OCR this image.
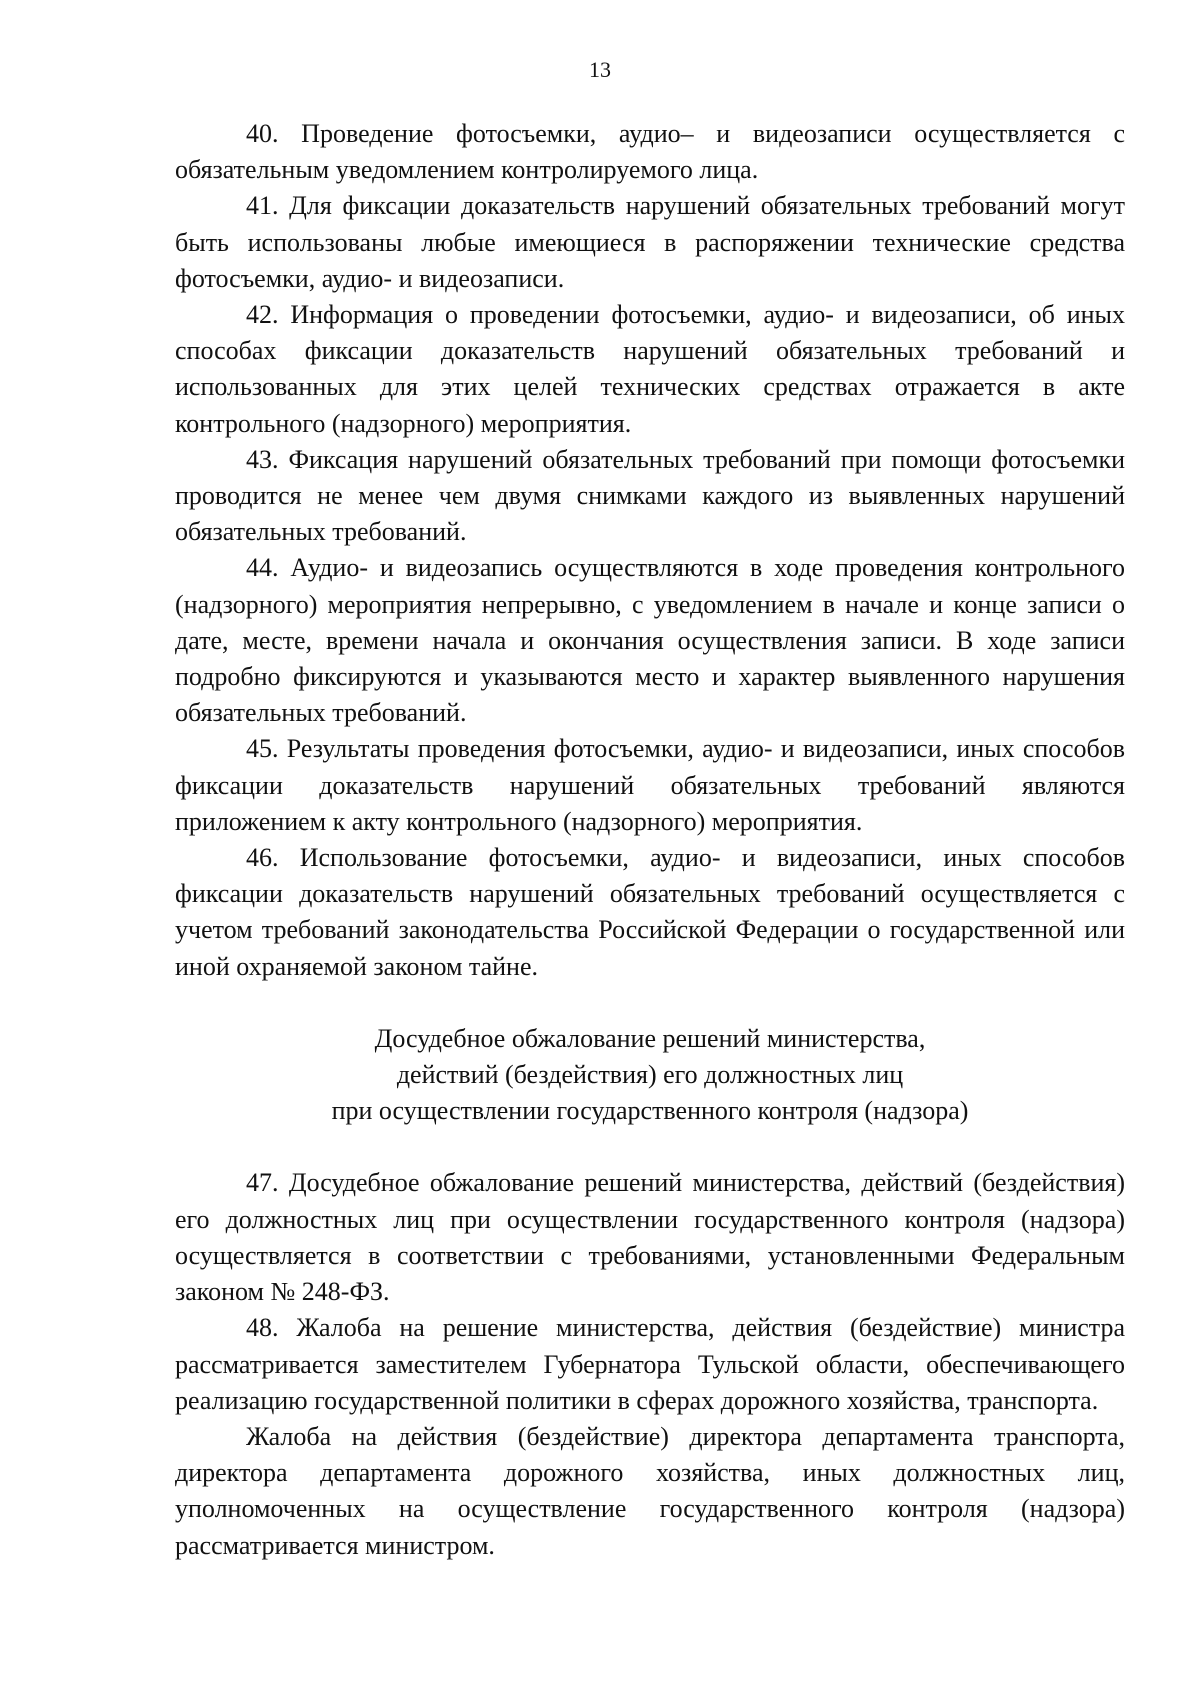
13

40. Проведение фотосъемки, аудио– и видеозаписи осуществляется с обязательным уведомлением контролируемого лица.

41. Для фиксации доказательств нарушений обязательных требований могут быть использованы любые имеющиеся в распоряжении технические средства фотосъемки, аудио- и видеозаписи.

42. Информация о проведении фотосъемки, аудио- и видеозаписи, об иных способах фиксации доказательств нарушений обязательных требований и использованных для этих целей технических средствах отражается в акте контрольного (надзорного) мероприятия.

43. Фиксация нарушений обязательных требований при помощи фотосъемки проводится не менее чем двумя снимками каждого из выявленных нарушений обязательных требований.

44. Аудио- и видеозапись осуществляются в ходе проведения контрольного (надзорного) мероприятия непрерывно, с уведомлением в начале и конце записи о дате, месте, времени начала и окончания осуществления записи. В ходе записи подробно фиксируются и указываются место и характер выявленного нарушения обязательных требований.

45. Результаты проведения фотосъемки, аудио- и видеозаписи, иных способов фиксации доказательств нарушений обязательных требований являются приложением к акту контрольного (надзорного) мероприятия.

46. Использование фотосъемки, аудио- и видеозаписи, иных способов фиксации доказательств нарушений обязательных требований осуществляется с учетом требований законодательства Российской Федерации о государственной или иной охраняемой законом тайне.

Досудебное обжалование решений министерства,
действий (бездействия) его должностных лиц
при осуществлении государственного контроля (надзора)

47. Досудебное обжалование решений министерства, действий (бездействия) его должностных лиц при осуществлении государственного контроля (надзора) осуществляется в соответствии с требованиями, установленными Федеральным законом № 248-ФЗ.

48. Жалоба на решение министерства, действия (бездействие) министра рассматривается заместителем Губернатора Тульской области, обеспечивающего реализацию государственной политики в сферах дорожного хозяйства, транспорта.

Жалоба на действия (бездействие) директора департамента транспорта, директора департамента дорожного хозяйства, иных должностных лиц, уполномоченных на осуществление государственного контроля (надзора) рассматривается министром.
